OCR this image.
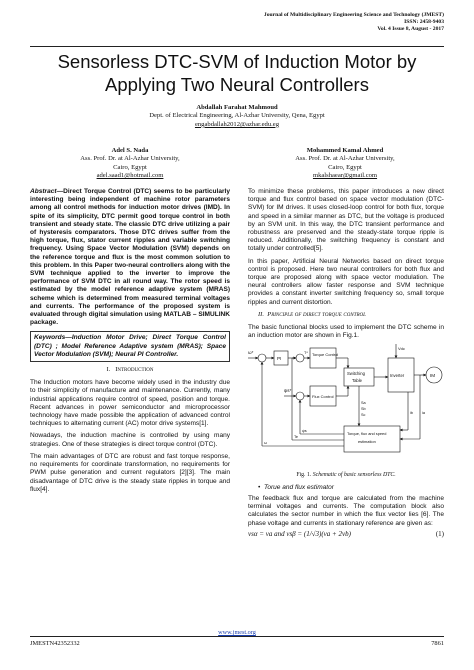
Journal of Multidisciplinary Engineering Science and Technology (JMEST)
ISSN: 2458-9403
Vol. 4 Issue 8, August - 2017
Sensorless DTC-SVM of Induction Motor by
Applying Two Neural Controllers
Abdallah Farahat Mahmoud
Dept. of Electrical Engineering, Al-Azhar University, Qena, Egypt
engabdallah2012@azhar.edu.eg
Adel S. Nada
Ass. Prof. Dr. at Al-Azhar University,
Cairo, Egypt
adel.saad1@hotmail.com
Mohammed Kamal Ahmed
Ass. Prof. Dr. at Al-Azhar University,
Cairo, Egypt
mkalshaear@gmail.com

Abstract—Direct Torque Control (DTC) seems to be particularly interesting being independent of machine rotor parameters among all control methods for induction motor drives (IMD). In spite of its simplicity, DTC permit good torque control in both transient and steady state. The classic DTC drive utilizing a pair of hysteresis comparators. Those DTC drives suffer from the high torque, flux, stator current ripples and variable switching frequency. Using Space Vector Modulation (SVM) depends on the reference torque and flux is the most common solution to this problem. In this Paper two-neural controllers along with the SVM technique applied to the inverter to improve the performance of SVM DTC in all round way. The rotor speed is estimated by the model reference adaptive system (MRAS) scheme which is determined from measured terminal voltages and currents. The performance of the proposed system is evaluated through digital simulation using MATLAB – SIMULINK package.

Keywords—Induction Motor Drive; Direct Torque Control (DTC) ; Model Reference Adaptive system (MRAS); Space Vector Modulation (SVM); Neural PI Controller.
I. Introduction

The Induction motors have become widely used in the industry due to their simplicity of manufacture and maintenance. Currently, many industrial applications require control of speed, position and torque. Recent advances in power semiconductor and microprocessor technology have made possible the application of advanced control techniques to alternating current (AC) motor drive systems[1].

Nowadays, the induction machine is controlled by using many strategies. One of these strategies is direct torque control (DTC).

The main advantages of DTC are robust and fast torque response, no requirements for coordinate transformation, no requirements for PWM pulse generation and current regulators [2][3]. The main disadvantage of DTC drive is the steady state ripples in torque and flux[4].

To minimize these problems, this paper introduces a new direct torque and flux control based on space vector modulation (DTC-SVM) for IM drives. It uses closed-loop control for both flux, torque and speed in a similar manner as DTC, but the voltage is produced by an SVM unit. In this way, the DTC transient performance and robustness are preserved and the steady-state torque ripple is reduced. Additionally, the switching frequency is constant and totally under controlled[5].

In this paper, Artificial Neural Networks based on direct torque control is proposed. Here two neural controllers for both flux and torque are proposed along with space vector modulation. The neural controllers allow faster response and SVM technique provides a constant inverter switching frequency so, small torque ripples and current distortion.

II. Principle of direct torque control

The basic functional blocks used to implement the DTC scheme in an induction motor are shown in Fig.1.

ω*
PI
Torque Control
T*
ψs*
Flux Control
Switching
Table
Inverter	IM
Vdc
Torque, flux and speed
estimation
ia
ib
Sa
Sb
Sc
ω
Te
ψs
Fig. 1. Schematic of basic sensorless DTC.
• Torue and flux estimator

The feedback flux and torque are calculated from the machine terminal voltages and currents. The computation block also calculates the sector number in which the flux vector lies [6]. The phase voltage and currents in stationary reference are given as:

vsα = va and vsβ = (1/√3)(va + 2vb)	(1)
www.jmest.org
JMESTN42352332	7861
